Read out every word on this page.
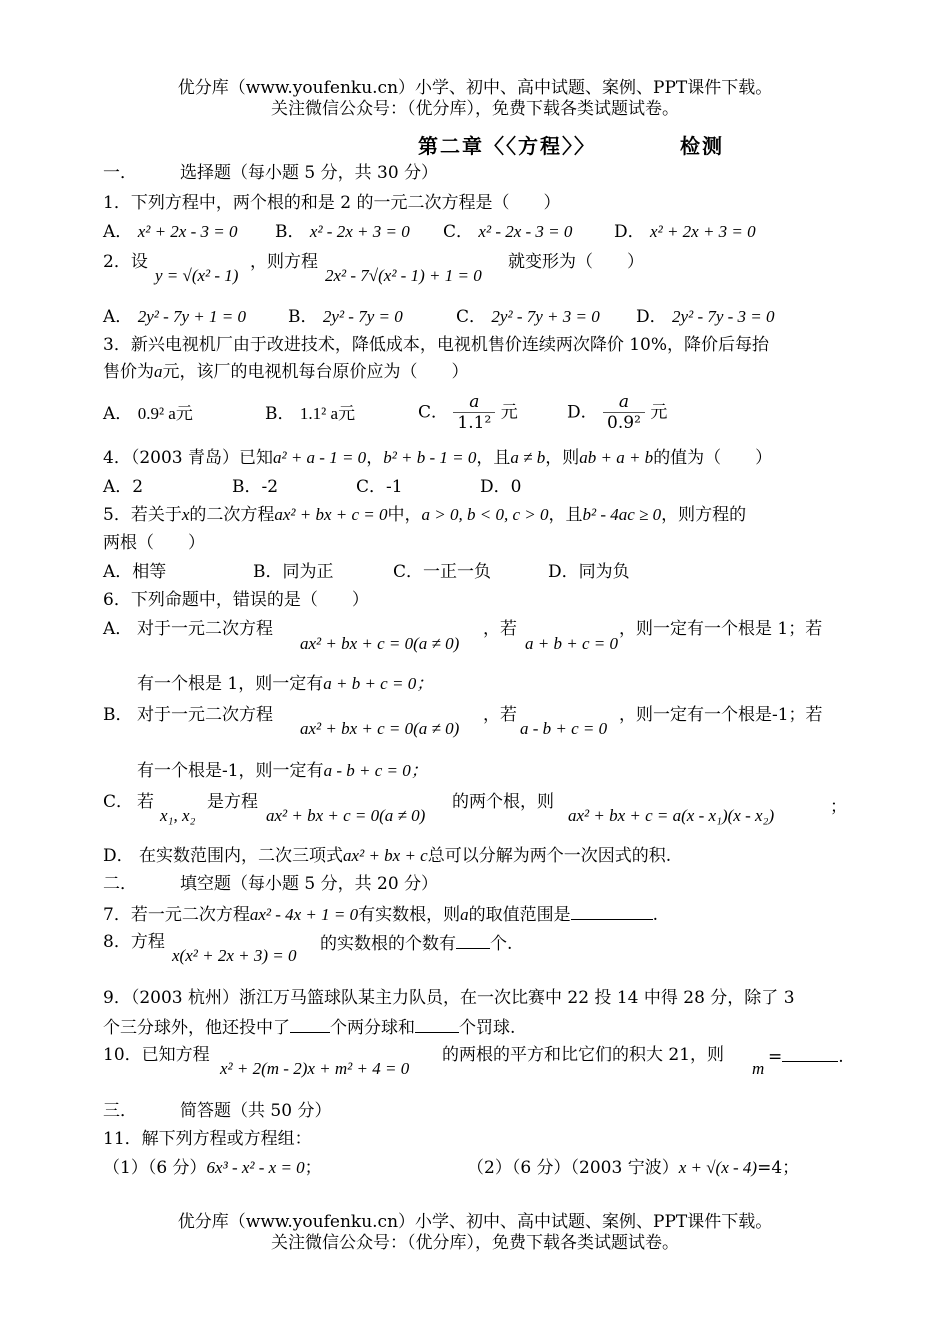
优分库（www.youfenku.cn）小学、初中、高中试题、案例、PPT课件下载。
关注微信公众号：（优分库），免费下载各类试题试卷。
第二章〈〈方程〉〉	检测
一．	选择题（每小题 5 分，共 30 分）
1．下列方程中，两个根的和是 2 的一元二次方程是（　　）
A． x² + 2x - 3 = 0 B． x² - 2x + 3 = 0 C． x² - 2x - 3 = 0 D． x² + 2x + 3 = 0
2．设
y = √(x² - 1)
，则方程
2x² - 7√(x² - 1) + 1 = 0
就变形为（　　）
A． 2y² - 7y + 1 = 0 B． 2y² - 7y = 0	C． 2y² - 7y + 3 = 0 D． 2y² - 7y - 3 = 0
3．新兴电视机厂由于改进技术，降低成本，电视机售价连续两次降价 10%，降价后每抬
售价为a元，该厂的电视机每台原价应为（　　）
A． 0.9² a元	B． 1.1² a元	C． $\frac{a}{\text{1.1²}}$ 元	D． $\frac{a}{\text{0.9²}}$ 元
4．（2003 青岛）已知a² + a - 1 = 0，b² + b - 1 = 0，且a ≠ b，则ab + a + b的值为（　　）
A．2	B．-2	C．-1	D．0
5．若关于x的二次方程ax² + bx + c = 0中，a > 0, b < 0, c > 0，且b² - 4ac ≥ 0，则方程的
两根（　　）
A．相等	B．同为正	C．一正一负	D．同为负
6．下列命题中，错误的是（　　）
A． 对于一元二次方程
ax² + bx + c = 0(a ≠ 0)
，若
a + b + c = 0
，则一定有一个根是 1；若
有一个根是 1，则一定有a + b + c = 0；
B． 对于一元二次方程
ax² + bx + c = 0(a ≠ 0)
，若
a - b + c = 0
，则一定有一个根是-1；若
有一个根是-1，则一定有a - b + c = 0；
C． 若
x₁, x₂
是方程
ax² + bx + c = 0(a ≠ 0)
的两个根，则
ax² + bx + c = a(x - x₁)(x - x₂)	；
D． 在实数范围内，二次三项式ax² + bx + c总可以分解为两个一次因式的积.
二．	填空题（每小题 5 分，共 20 分）
7．若一元二次方程ax² - 4x + 1 = 0有实数根，则a的取值范围是	.
8．方程
x(x² + 2x + 3) = 0
的实数根的个数有 个.
9．（2003 杭州）浙江万马篮球队某主力队员，在一次比赛中 22 投 14 中得 28 分，除了 3
个三分球外，他还投中了 个两分球和	个罚球.
10．已知方程
x² + 2(m - 2)x + m² + 4 = 0
的两根的平方和比它们的积大 21，则
m
=	.
三．	简答题（共 50 分）
11．解下列方程或方程组：
（1）（6 分）6x³ - x² - x = 0；	（2）（6 分）（2003 宁波）x + √(x - 4)=4；
优分库（www.youfenku.cn）小学、初中、高中试题、案例、PPT课件下载。
关注微信公众号：（优分库），免费下载各类试题试卷。
